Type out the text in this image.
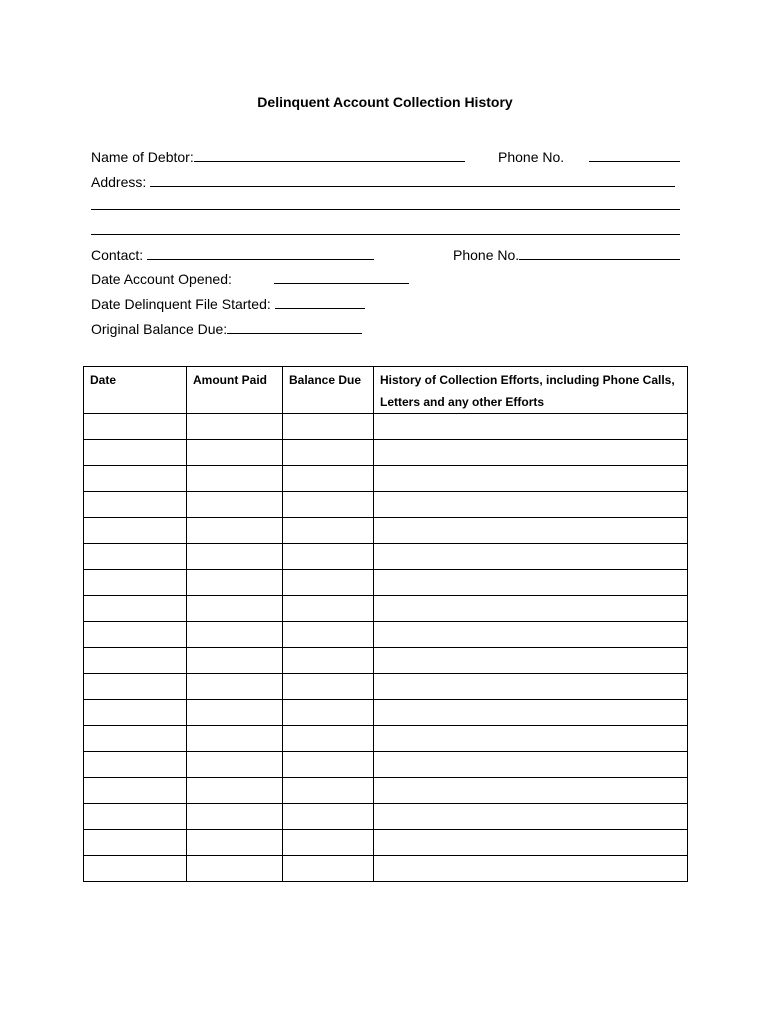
Delinquent Account Collection History
Name of Debtor:	Phone No.
Address:
Contact:	Phone No.
Date Account Opened:
Date Delinquent File Started:
Original Balance Due:
Date	Amount Paid	Balance Due	History of Collection Efforts, including Phone Calls, Letters and any other Efforts
